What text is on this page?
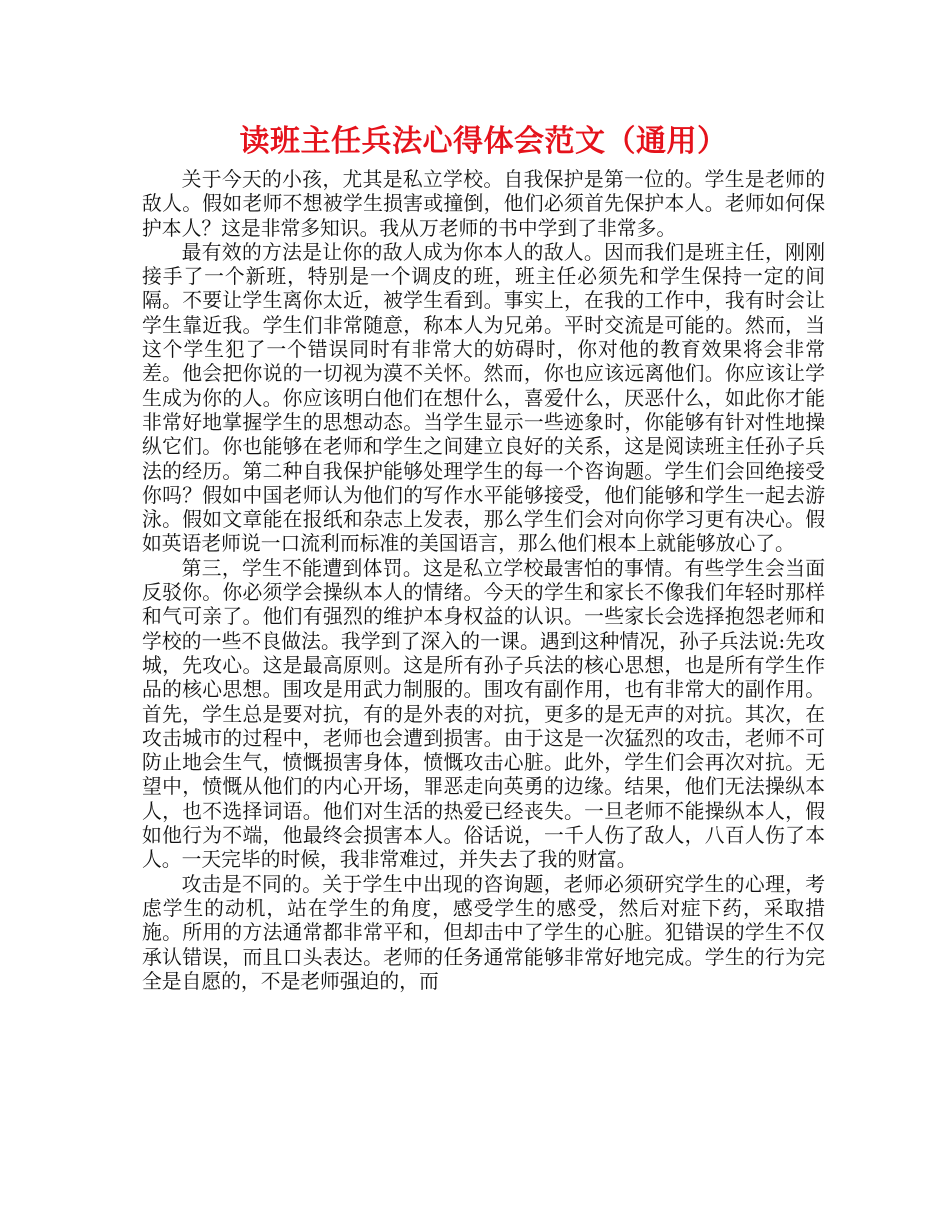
读班主任兵法心得体会范文（通用）

关于今天的小孩，尤其是私立学校。自我保护是第一位的。学生是老师的敌人。假如老师不想被学生损害或撞倒，他们必须首先保护本人。老师如何保护本人？这是非常多知识。我从万老师的书中学到了非常多。

最有效的方法是让你的敌人成为你本人的敌人。因而我们是班主任，刚刚接手了一个新班，特别是一个调皮的班，班主任必须先和学生保持一定的间隔。不要让学生离你太近，被学生看到。事实上，在我的工作中，我有时会让学生靠近我。学生们非常随意，称本人为兄弟。平时交流是可能的。然而，当这个学生犯了一个错误同时有非常大的妨碍时，你对他的教育效果将会非常差。他会把你说的一切视为漠不关怀。然而，你也应该远离他们。你应该让学生成为你的人。你应该明白他们在想什么，喜爱什么，厌恶什么，如此你才能非常好地掌握学生的思想动态。当学生显示一些迹象时，你能够有针对性地操纵它们。你也能够在老师和学生之间建立良好的关系，这是阅读班主任孙子兵法的经历。第二种自我保护能够处理学生的每一个咨询题。学生们会回绝接受你吗？假如中国老师认为他们的写作水平能够接受，他们能够和学生一起去游泳。假如文章能在报纸和杂志上发表，那么学生们会对向你学习更有决心。假如英语老师说一口流利而标准的美国语言，那么他们根本上就能够放心了。

第三，学生不能遭到体罚。这是私立学校最害怕的事情。有些学生会当面反驳你。你必须学会操纵本人的情绪。今天的学生和家长不像我们年轻时那样和气可亲了。他们有强烈的维护本身权益的认识。一些家长会选择抱怨老师和学校的一些不良做法。我学到了深入的一课。遇到这种情况，孙子兵法说:先攻城，先攻心。这是最高原则。这是所有孙子兵法的核心思想，也是所有学生作品的核心思想。围攻是用武力制服的。围攻有副作用，也有非常大的副作用。首先，学生总是要对抗，有的是外表的对抗，更多的是无声的对抗。其次，在攻击城市的过程中，老师也会遭到损害。由于这是一次猛烈的攻击，老师不可防止地会生气，愤慨损害身体，愤慨攻击心脏。此外，学生们会再次对抗。无望中，愤慨从他们的内心开场，罪恶走向英勇的边缘。结果，他们无法操纵本人，也不选择词语。他们对生活的热爱已经丧失。一旦老师不能操纵本人，假如他行为不端，他最终会损害本人。俗话说，一千人伤了敌人，八百人伤了本人。一天完毕的时候，我非常难过，并失去了我的财富。

攻击是不同的。关于学生中出现的咨询题，老师必须研究学生的心理，考虑学生的动机，站在学生的角度，感受学生的感受，然后对症下药，采取措施。所用的方法通常都非常平和，但却击中了学生的心脏。犯错误的学生不仅承认错误，而且口头表达。老师的任务通常能够非常好地完成。学生的行为完全是自愿的，不是老师强迫的，而
